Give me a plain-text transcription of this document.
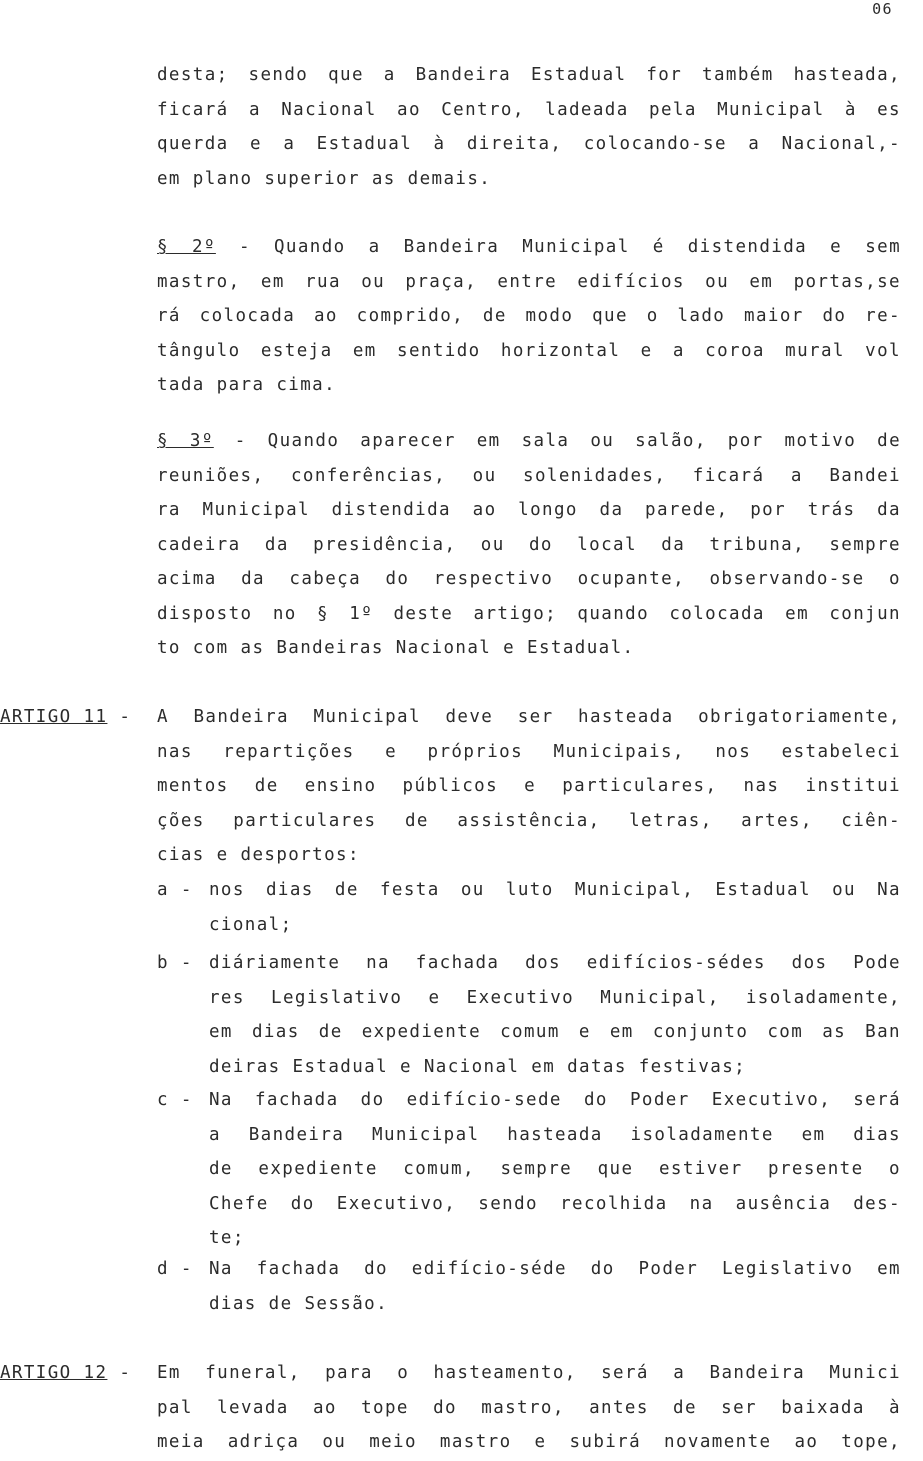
06
desta; sendo que a Bandeira Estadual for também hasteada,
ficará a Nacional ao Centro, ladeada pela Municipal à es
querda e a Estadual à direita, colocando-se a Nacional,-
em plano superior as demais.
§ 2º - Quando a Bandeira Municipal é distendida e sem
mastro, em rua ou praça, entre edifícios ou em portas,se
rá colocada ao comprido, de modo que o lado maior do re-
tângulo esteja em sentido horizontal e a coroa mural vol
tada para cima.
§ 3º - Quando aparecer em sala ou salão, por motivo de
reuniões, conferências, ou solenidades, ficará a Bandei
ra Municipal distendida ao longo da parede, por trás da
cadeira da presidência, ou do local da tribuna, sempre
acima da cabeça do respectivo ocupante, observando-se o
disposto no § 1º deste artigo; quando colocada em conjun
to com as Bandeiras Nacional e Estadual.
ARTIGO 11 - A Bandeira Municipal deve ser hasteada obrigatoriamente,
nas repartições e próprios Municipais, nos estabeleci
mentos de ensino públicos e particulares, nas institui
ções particulares de assistência, letras, artes, ciên-
cias e desportos:
a - nos dias de festa ou luto Municipal, Estadual ou Na
cional;
b - diáriamente na fachada dos edifícios-sédes dos Pode
res Legislativo e Executivo Municipal, isoladamente,
em dias de expediente comum e em conjunto com as Ban
deiras Estadual e Nacional em datas festivas;
c - Na fachada do edifício-sede do Poder Executivo, será
a Bandeira Municipal hasteada isoladamente em dias
de expediente comum, sempre que estiver presente o
Chefe do Executivo, sendo recolhida na ausência des-
te;
d - Na fachada do edifício-séde do Poder Legislativo em
dias de Sessão.
ARTIGO 12 - Em funeral, para o hasteamento, será a Bandeira Munici
pal levada ao tope do mastro, antes de ser baixada à
meia adriça ou meio mastro e subirá novamente ao tope,
